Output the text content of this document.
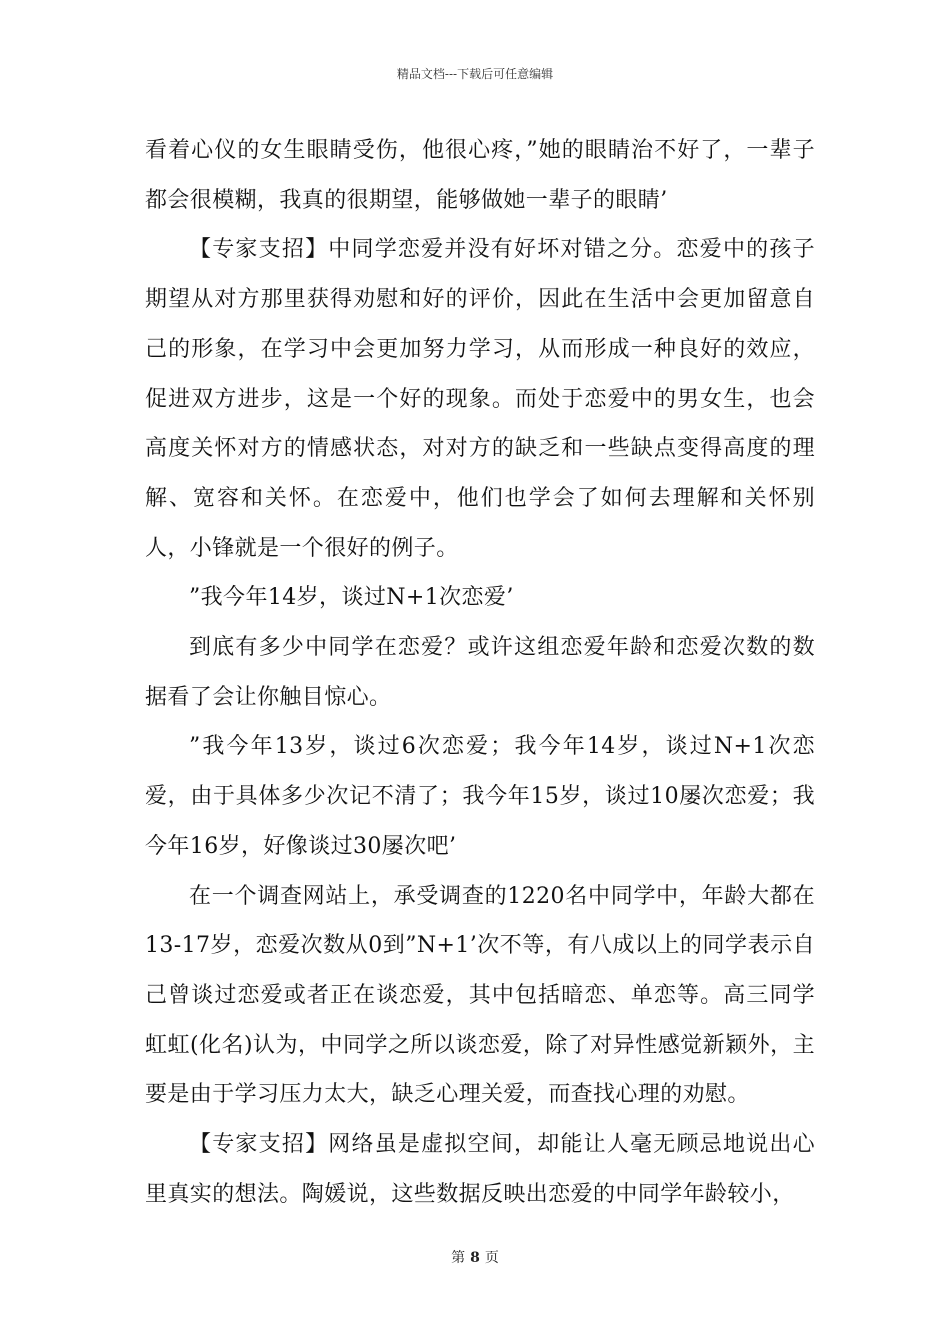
精品文档---下载后可任意编辑

看着心仪的女生眼睛受伤，他很心疼，”她的眼睛治不好了，一辈子都会很模糊，我真的很期望，能够做她一辈子的眼睛’

【专家支招】中同学恋爱并没有好坏对错之分。恋爱中的孩子期望从对方那里获得劝慰和好的评价，因此在生活中会更加留意自己的形象，在学习中会更加努力学习，从而形成一种良好的效应，促进双方进步，这是一个好的现象。而处于恋爱中的男女生，也会高度关怀对方的情感状态，对对方的缺乏和一些缺点变得高度的理解、宽容和关怀。在恋爱中，他们也学会了如何去理解和关怀别人，小锋就是一个很好的例子。

”我今年14岁，谈过N+1次恋爱’

到底有多少中同学在恋爱？或许这组恋爱年龄和恋爱次数的数据看了会让你触目惊心。

”我今年13岁，谈过6次恋爱；我今年14岁，谈过N+1次恋爱，由于具体多少次记不清了；我今年15岁，谈过10屡次恋爱；我今年16岁，好像谈过30屡次吧’

在一个调查网站上，承受调查的1220名中同学中，年龄大都在13-17岁，恋爱次数从0到”N+1’次不等，有八成以上的同学表示自己曾谈过恋爱或者正在谈恋爱，其中包括暗恋、单恋等。高三同学虹虹(化名)认为，中同学之所以谈恋爱，除了对异性感觉新颖外，主要是由于学习压力太大，缺乏心理关爱，而查找心理的劝慰。

【专家支招】网络虽是虚拟空间，却能让人毫无顾忌地说出心里真实的想法。陶媛说，这些数据反映出恋爱的中同学年龄较小，

第 8 页
